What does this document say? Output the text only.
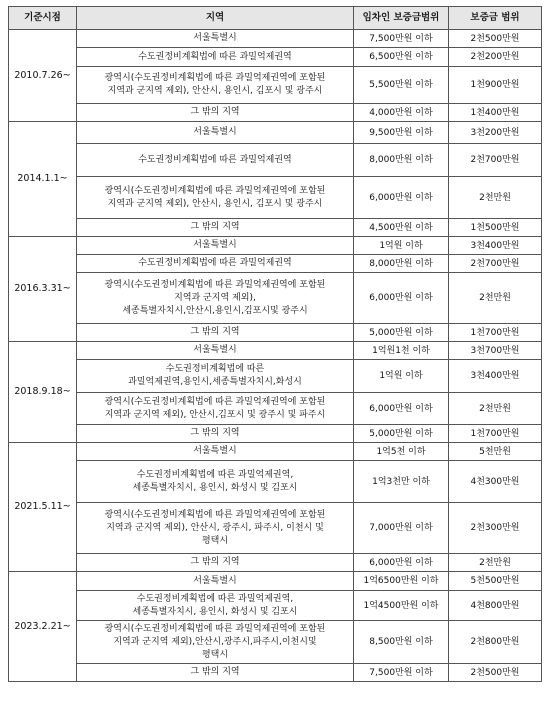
기준시점	지역	임차인 보증금범위	보증금 범위
2010.7.26~	서울특별시	7,500만원 이하	2천500만원

	수도권정비계획법에 따른 과밀억제권역	6,500만원 이하	2천200만원

	광역시(수도권정비계획법에 따른 과밀억제권역에 포함된
지역과 군지역 제외), 안산시, 용인시, 김포시 및 광주시	5,500만원 이하	1천900만원

	그 밖의 지역	4,000만원 이하	1천400만원
2014.1.1~	서울특별시	9,500만원 이하	3천200만원

	수도권정비계획법에 따른 과밀억제권역	8,000만원 이하	2천700만원

	광역시(수도권정비계획법에 따른 과밀억제권역에 포함된
지역과 군지역 제외), 안산시, 용인시, 김포시 및 광주시	6,000만원 이하	2천만원

	그 밖의 지역	4,500만원 이하	1천500만원
2016.3.31~	서울특별시	1억원 이하	3천400만원

	수도권정비계획법에 따른 과밀억제권역	8,000만원 이하	2천700만원

	광역시(수도권정비계획법에 따른 과밀억제권역에 포함된
지역과 군지역 제외),
세종특별자치시,안산시,용인시,김포시및 광주시	6,000만원 이하	2천만원

	그 밖의 지역	5,000만원 이하	1천700만원
2018.9.18~	서울특별시	1억원1천 이하	3천700만원

	수도권정비계획법에 따른
과밀억제권역,용인시,세종특별자치시,화성시	1억원 이하	3천400만원

	광역시(수도권정비계획법에 따른 과밀억제권역에 포함된
지역과 군지역 제외), 안산시,김포시 및 광주시 및 파주시	6,000만원 이하	2천만원

	그 밖의 지역	5,000만원 이하	1천700만원
2021.5.11~	서울특별시	1억5천 이하	5천만원

	수도권정비계획법에 따른 과밀억제권역,
세종특별자치시, 용인시, 화성시 및 김포시	1억3천만 이하	4천300만원

	광역시(수도권정비계획법에 따른 과밀억제권역에 포함된
지역과 군지역 제외), 안산시, 광주시, 파주시, 이천시 및
평택시	7,000만원 이하	2천300만원

	그 밖의 지역	6,000만원 이하	2천만원
2023.2.21~	서울특별시	1억6500만원 이하	5천500만원

	수도권정비계획법에 따른 과밀억제권역,
세종특별자치시, 용인시, 화성시 및 김포시	1억4500만원 이하	4천800만원

	광역시(수도권정비계획법에 따른 과밀억제권역에 포함된
지역과 군지역 제외),안산시,광주시,파주시,이천시및
평택시	8,500만원 이하	2천800만원

	그 밖의 지역	7,500만원 이하	2천500만원
